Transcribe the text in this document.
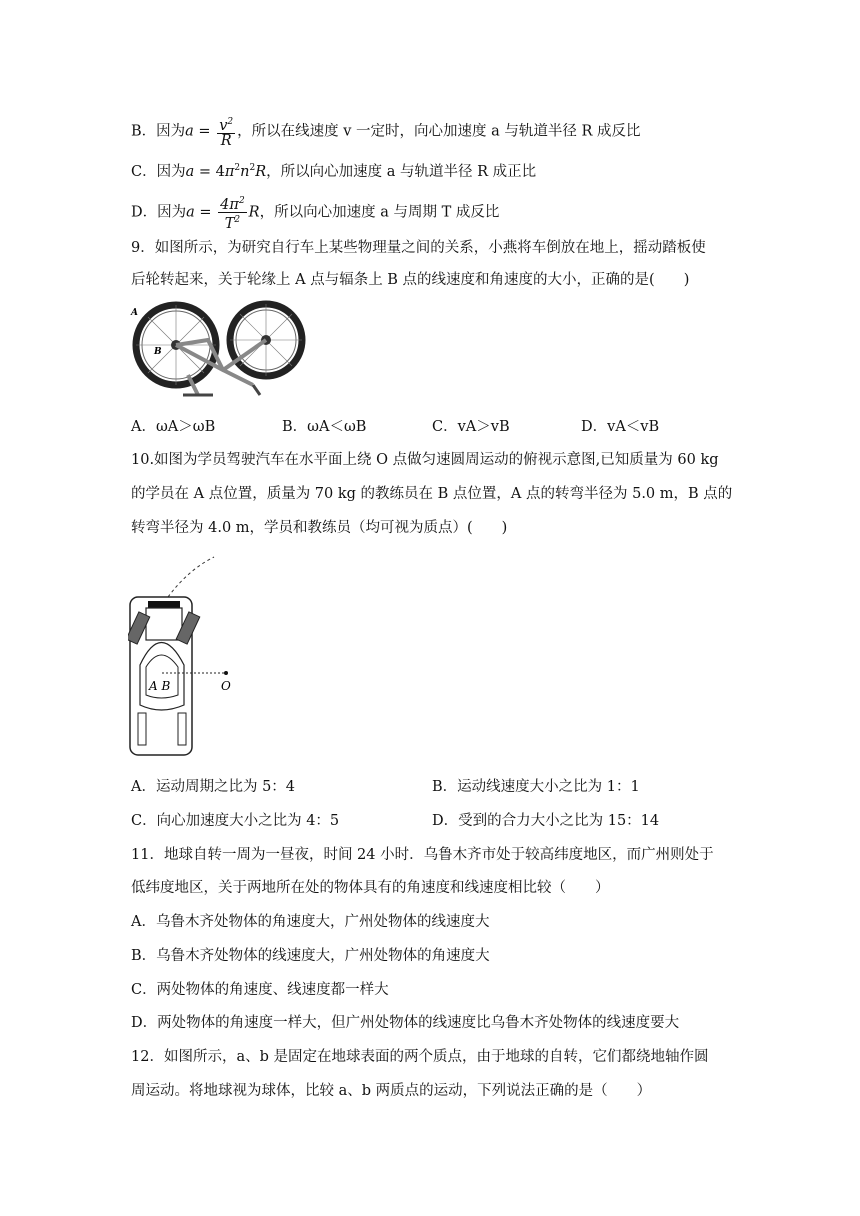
B．因为$a = \frac{v^2}{R}$ ，所以在线速度 v 一定时，向心加速度 a 与轨道半径 R 成反比
C．因为$a = 4\pi^2n^2R$，所以向心加速度 a 与轨道半径 R 成正比
D．因为$a = \frac{4\pi^2}{T^2}$ R，所以向心加速度 a 与周期 T 成反比
9．如图所示，为研究自行车上某些物理量之间的关系，小燕将车倒放在地上，摇动踏板使
后轮转起来，关于轮缘上 A 点与辐条上 B 点的线速度和角速度的大小，正确的是(　　)
A
B
A．ωA＞ωB	B．ωA＜ωB	C．vA＞vB	D．vA＜vB
10.如图为学员驾驶汽车在水平面上绕 O 点做匀速圆周运动的俯视示意图,已知质量为 60 kg
的学员在 A 点位置，质量为 70 kg 的教练员在 B 点位置，A 点的转弯半径为 5.0 m，B 点的
转弯半径为 4.0 m，学员和教练员（均可视为质点）(　　)
A B	O
A．运动周期之比为 5：4	B．运动线速度大小之比为 1：1
C．向心加速度大小之比为 4：5	D．受到的合力大小之比为 15：14
11．地球自转一周为一昼夜，时间 24 小时．乌鲁木齐市处于较高纬度地区，而广州则处于
低纬度地区，关于两地所在处的物体具有的角速度和线速度相比较（　　）
A．乌鲁木齐处物体的角速度大，广州处物体的线速度大
B．乌鲁木齐处物体的线速度大，广州处物体的角速度大
C．两处物体的角速度、线速度都一样大
D．两处物体的角速度一样大，但广州处物体的线速度比乌鲁木齐处物体的线速度要大
12．如图所示，a、b 是固定在地球表面的两个质点，由于地球的自转，它们都绕地轴作圆
周运动。将地球视为球体，比较 a、b 两质点的运动，下列说法正确的是（　　）
